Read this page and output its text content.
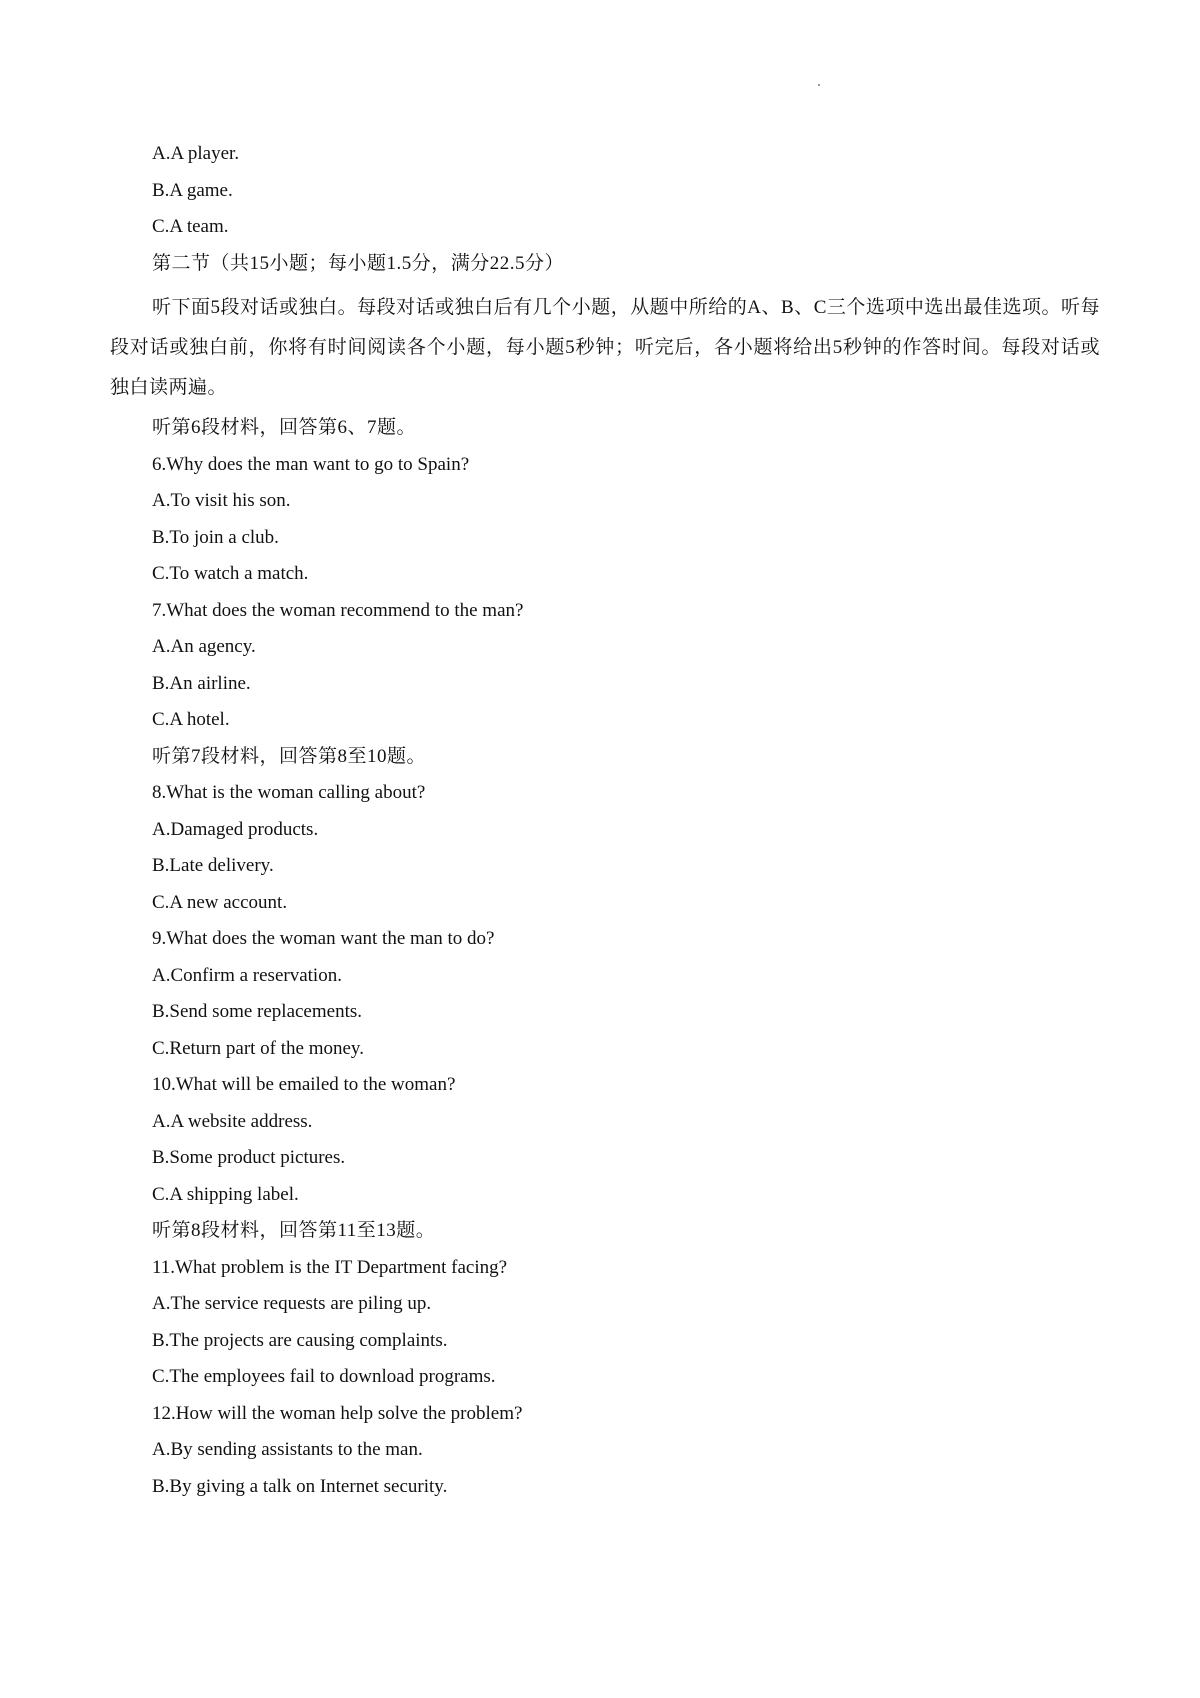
A.A player.
B.A game.
C.A team.
第二节（共15小题；每小题1.5分，满分22.5分）
听下面5段对话或独白。每段对话或独白后有几个小题，从题中所给的A、B、C三个选项中选出最佳选项。听每段对话或独白前，你将有时间阅读各个小题，每小题5秒钟；听完后，各小题将给出5秒钟的作答时间。每段对话或独白读两遍。
听第6段材料，回答第6、7题。
6.Why does the man want to go to Spain?
A.To visit his son.
B.To join a club.
C.To watch a match.
7.What does the woman recommend to the man?
A.An agency.
B.An airline.
C.A hotel.
听第7段材料，回答第8至10题。
8.What is the woman calling about?
A.Damaged products.
B.Late delivery.
C.A new account.
9.What does the woman want the man to do?
A.Confirm a reservation.
B.Send some replacements.
C.Return part of the money.
10.What will be emailed to the woman?
A.A website address.
B.Some product pictures.
C.A shipping label.
听第8段材料，回答第11至13题。
11.What problem is the IT Department facing?
A.The service requests are piling up.
B.The projects are causing complaints.
C.The employees fail to download programs.
12.How will the woman help solve the problem?
A.By sending assistants to the man.
B.By giving a talk on Internet security.
